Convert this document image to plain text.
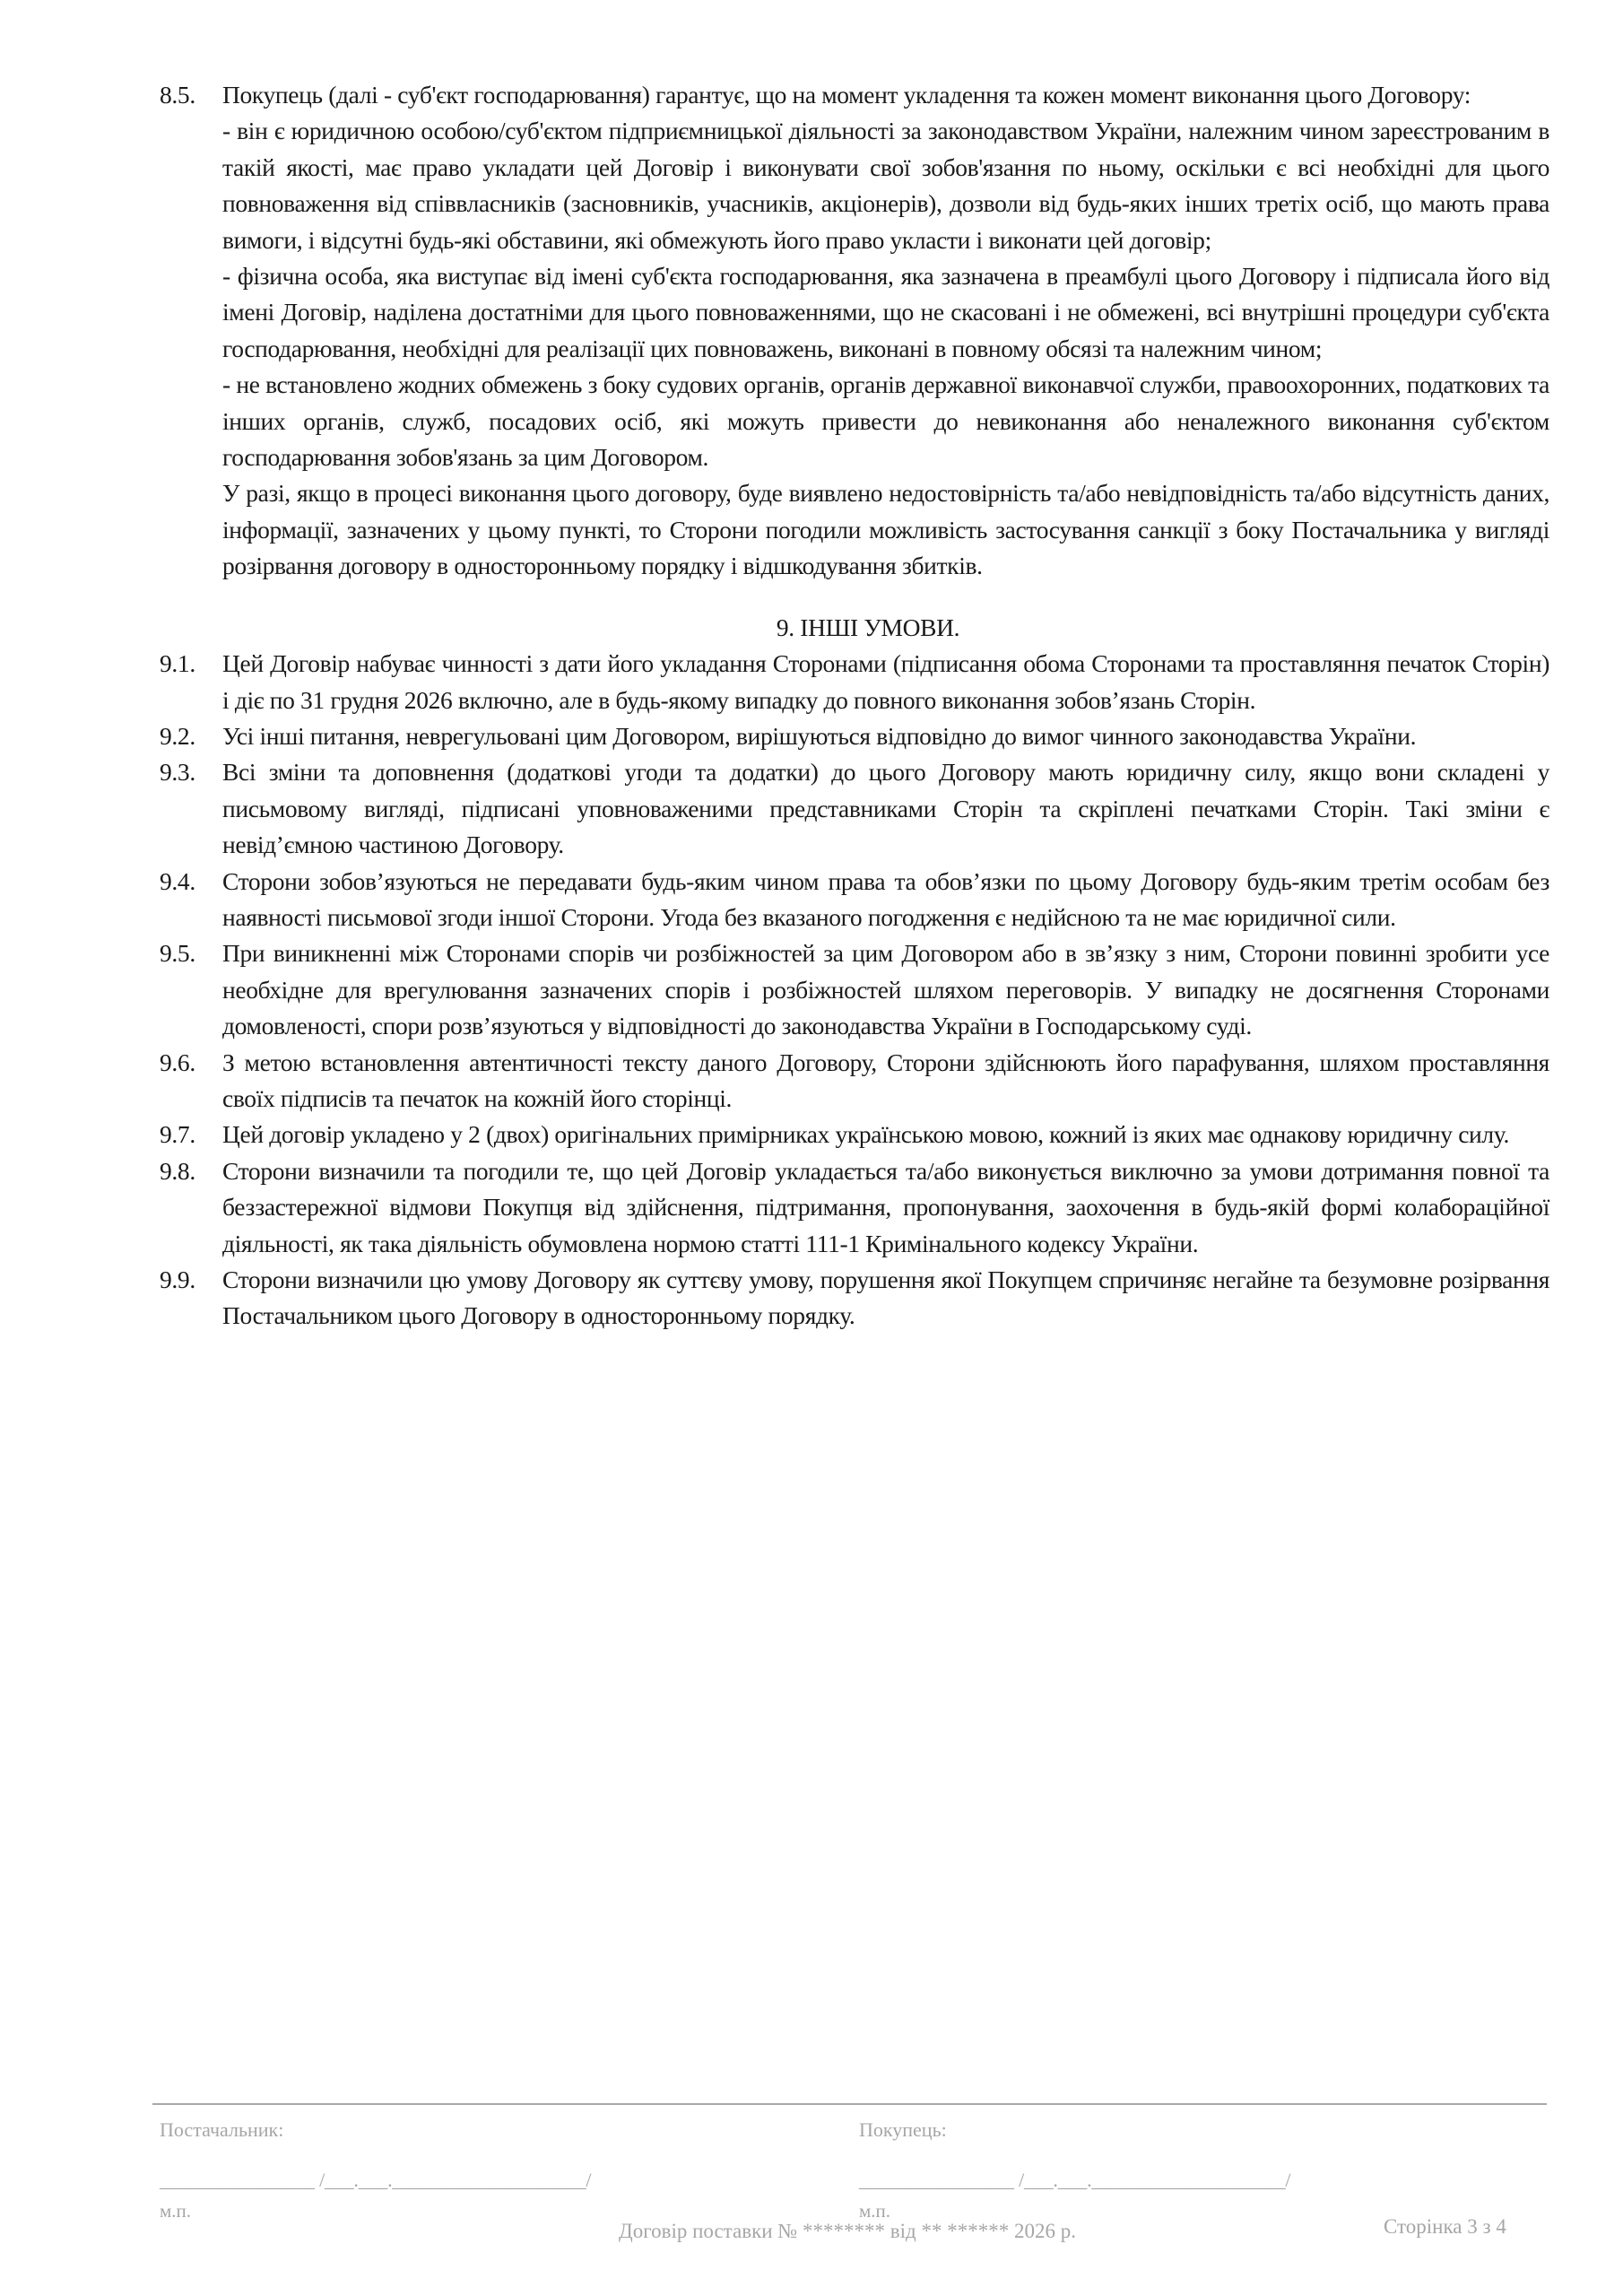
8.5.	Покупець (далі - суб'єкт господарювання) гарантує, що на момент укладення та кожен момент виконання цього Договору:

- він є юридичною особою/суб'єктом підприємницької діяльності за законодавством України, належним чином зареєстрованим в такій якості, має право укладати цей Договір і виконувати свої зобов'язання по ньому, оскільки є всі необхідні для цього повноваження від співвласників (засновників, учасників, акціонерів), дозволи від будь-яких інших третіх осіб, що мають права вимоги, і відсутні будь-які обставини, які обмежують його право укласти і виконати цей договір;

- фізична особа, яка виступає від імені суб'єкта господарювання, яка зазначена в преамбулі цього Договору і підписала його від імені Договір, наділена достатніми для цього повноваженнями, що не скасовані і не обмежені, всі внутрішні процедури суб'єкта господарювання, необхідні для реалізації цих повноважень, виконані в повному обсязі та належним чином;

- не встановлено жодних обмежень з боку судових органів, органів державної виконавчої служби, правоохоронних, податкових та інших органів, служб, посадових осіб, які можуть привести до невиконання або неналежного виконання суб'єктом господарювання зобов'язань за цим Договором.

У разі, якщо в процесі виконання цього договору, буде виявлено недостовірність та/або невідповідність та/або відсутність даних, інформації, зазначених у цьому пункті, то Сторони погодили можливість застосування санкції з боку Постачальника у вигляді розірвання договору в односторонньому порядку і відшкодування збитків.

9. ІНШІ УМОВИ.
9.1.	Цей Договір набуває чинності з дати його укладання Сторонами (підписання обома Сторонами та проставляння печаток Сторін) і діє по 31 грудня 2026 включно, але в будь-якому випадку до повного виконання зобов’язань Сторін.
9.2.	Усі інші питання, неврегульовані цим Договором, вирішуються відповідно до вимог чинного законодавства України.
9.3.	Всі зміни та доповнення (додаткові угоди та додатки) до цього Договору мають юридичну силу, якщо вони складені у письмовому вигляді, підписані уповноваженими представниками Сторін та скріплені печатками Сторін. Такі зміни є невід’ємною частиною Договору.
9.4.	Сторони зобов’язуються не передавати будь-яким чином права та обов’язки по цьому Договору будь-яким третім особам без наявності письмової згоди іншої Сторони. Угода без вказаного погодження є недійсною та не має юридичної сили.
9.5.	При виникненні між Сторонами спорів чи розбіжностей за цим Договором або в зв’язку з ним, Сторони повинні зробити усе необхідне для врегулювання зазначених спорів і розбіжностей шляхом переговорів. У випадку не досягнення Сторонами домовленості, спори розв’язуються у відповідності до законодавства України в Господарському суді.
9.6.	З метою встановлення автентичності тексту даного Договору, Сторони здійснюють його парафування, шляхом проставляння своїх підписів та печаток на кожній його сторінці.
9.7.	Цей договір укладено у 2 (двох) оригінальних примірниках українською мовою, кожний із яких має однакову юридичну силу.
9.8.	Сторони визначили та погодили те, що цей Договір укладається та/або виконується виключно за умови дотримання повної та беззастережної відмови Покупця від здійснення, підтримання, пропонування, заохочення в будь-якій формі колабораційної діяльності, як така діяльність обумовлена нормою статті 111-1 Кримінального кодексу України.
9.9.	Сторони визначили цю умову Договору як суттєву умову, порушення якої Покупцем спричиняє негайне та безумовне розірвання Постачальником цього Договору в односторонньому порядку.
Постачальник:	Покупець:
________________ /___.___.____________________/	________________ /___.___.____________________/
м.п.	м.п.
Договір поставки № ******** від ** ****** 2026 р.	Сторінка 3 з 4
